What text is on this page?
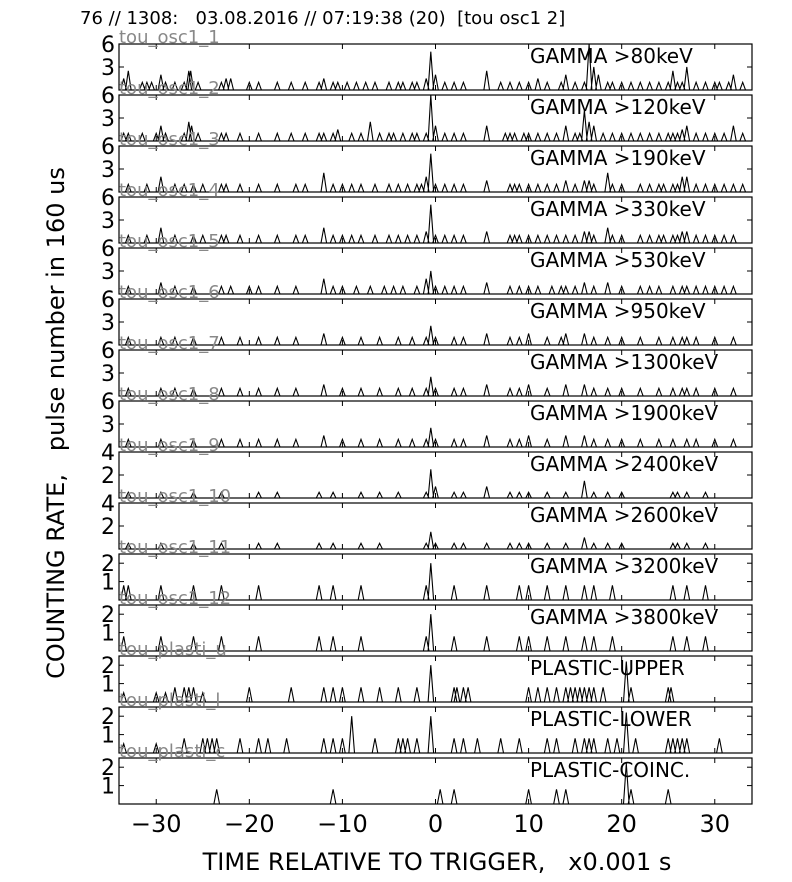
76 // 1308:   03.08.2016 // 07:19:38 (20)  [tou osc1 2]
3
6	GAMMA >80keV
tou_osc1_1
3
6	GAMMA >120keV
tou_osc1_2
3
6	GAMMA >190keV
tou_osc1_3
3
6	GAMMA >330keV
tou_osc1_4
3
6	GAMMA >530keV
tou_osc1_5
3
6	GAMMA >950keV
tou_osc1_6
3
6	GAMMA >1300keV
tou_osc1_7
3
6	GAMMA >1900keV
tou_osc1_8
2
4	GAMMA >2400keV
tou_osc1_9
2
4	GAMMA >2600keV
tou_osc1_10
1
2	GAMMA >3200keV
tou_osc1_11
1
2	GAMMA >3800keV
tou_osc1_12
1
2	PLASTIC-UPPER
tou_plasti_u
1
2	PLASTIC-LOWER
tou_plasti_l
1
2	PLASTIC-COINC.
tou_plasti_c
−30 −20 −10	0	10	20	30
COUNTING RATE,   pulse number in 160 us
TIME RELATIVE TO TRIGGER,   x0.001 s
